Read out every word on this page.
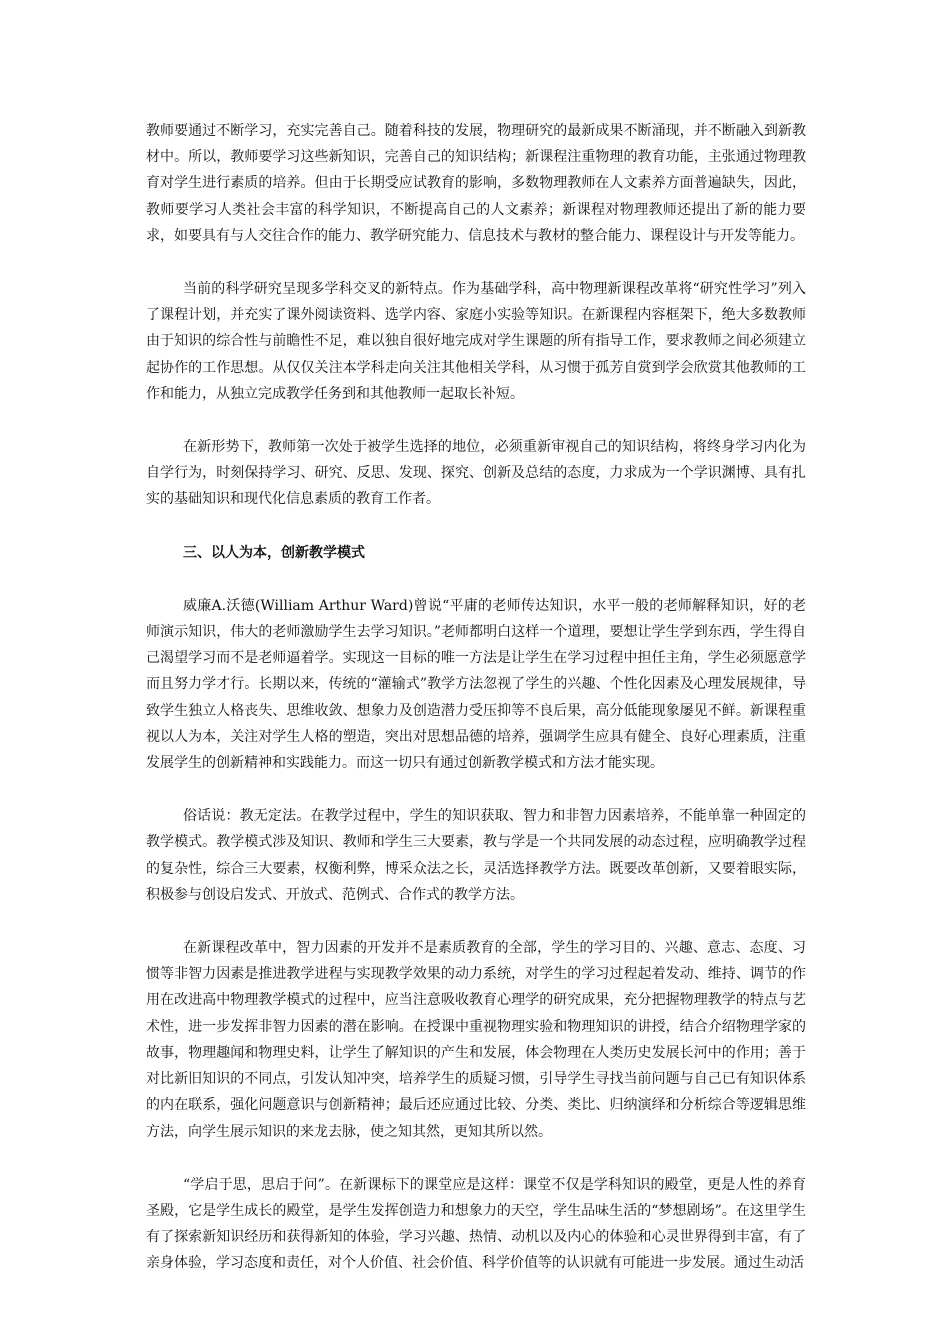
教师要通过不断学习，充实完善自己。随着科技的发展，物理研究的最新成果不断涌现，并不断融入到新教材中。所以，教师要学习这些新知识，完善自己的知识结构；新课程注重物理的教育功能，主张通过物理教育对学生进行素质的培养。但由于长期受应试教育的影响，多数物理教师在人文素养方面普遍缺失，因此，教师要学习人类社会丰富的科学知识，不断提高自己的人文素养；新课程对物理教师还提出了新的能力要求，如要具有与人交往合作的能力、教学研究能力、信息技术与教材的整合能力、课程设计与开发等能力。

当前的科学研究呈现多学科交叉的新特点。作为基础学科，高中物理新课程改革将“研究性学习”列入了课程计划，并充实了课外阅读资料、选学内容、家庭小实验等知识。在新课程内容框架下，绝大多数教师由于知识的综合性与前瞻性不足，难以独自很好地完成对学生课题的所有指导工作，要求教师之间必须建立起协作的工作思想。从仅仅关注本学科走向关注其他相关学科，从习惯于孤芳自赏到学会欣赏其他教师的工作和能力，从独立完成教学任务到和其他教师一起取长补短。

在新形势下，教师第一次处于被学生选择的地位，必须重新审视自己的知识结构，将终身学习内化为自学行为，时刻保持学习、研究、反思、发现、探究、创新及总结的态度，力求成为一个学识渊博、具有扎实的基础知识和现代化信息素质的教育工作者。

三、以人为本，创新教学模式

威廉A.沃德(William Arthur Ward)曾说“平庸的老师传达知识，水平一般的老师解释知识，好的老师演示知识，伟大的老师激励学生去学习知识。”老师都明白这样一个道理，要想让学生学到东西，学生得自己渴望学习而不是老师逼着学。实现这一目标的唯一方法是让学生在学习过程中担任主角，学生必须愿意学而且努力学才行。长期以来，传统的“灌输式”教学方法忽视了学生的兴趣、个性化因素及心理发展规律，导致学生独立人格丧失、思维收敛、想象力及创造潜力受压抑等不良后果，高分低能现象屡见不鲜。新课程重视以人为本，关注对学生人格的塑造，突出对思想品德的培养，强调学生应具有健全、良好心理素质，注重发展学生的创新精神和实践能力。而这一切只有通过创新教学模式和方法才能实现。

俗话说：教无定法。在教学过程中，学生的知识获取、智力和非智力因素培养，不能单靠一种固定的教学模式。教学模式涉及知识、教师和学生三大要素，教与学是一个共同发展的动态过程，应明确教学过程的复杂性，综合三大要素，权衡利弊，博采众法之长，灵活选择教学方法。既要改革创新，又要着眼实际，积极参与创设启发式、开放式、范例式、合作式的教学方法。

在新课程改革中，智力因素的开发并不是素质教育的全部，学生的学习目的、兴趣、意志、态度、习惯等非智力因素是推进教学进程与实现教学效果的动力系统，对学生的学习过程起着发动、维持、调节的作用在改进高中物理教学模式的过程中，应当注意吸收教育心理学的研究成果，充分把握物理教学的特点与艺术性，进一步发挥非智力因素的潜在影响。在授课中重视物理实验和物理知识的讲授，结合介绍物理学家的故事，物理趣闻和物理史料，让学生了解知识的产生和发展，体会物理在人类历史发展长河中的作用；善于对比新旧知识的不同点，引发认知冲突，培养学生的质疑习惯，引导学生寻找当前问题与自己已有知识体系的内在联系，强化问题意识与创新精神；最后还应通过比较、分类、类比、归纳演绎和分析综合等逻辑思维方法，向学生展示知识的来龙去脉，使之知其然，更知其所以然。

“学启于思，思启于问”。在新课标下的课堂应是这样：课堂不仅是学科知识的殿堂，更是人性的养育圣殿，它是学生成长的殿堂，是学生发挥创造力和想象力的天空，学生品味生活的“梦想剧场”。在这里学生有了探索新知识经历和获得新知的体验，学习兴趣、热情、动机以及内心的体验和心灵世界得到丰富，有了亲身体验，学习态度和责任，对个人价值、社会价值、科学价值等的认识就有可能进一步发展。通过生动活
